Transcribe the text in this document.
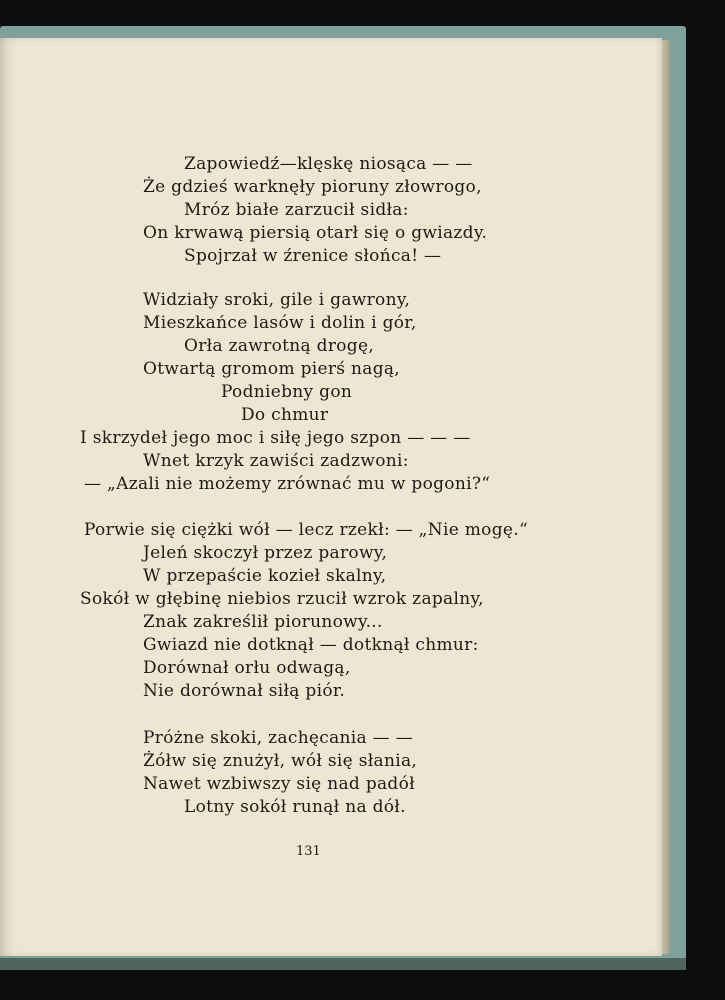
Zapowiedź—klęskę niosąca — —
Że gdzieś warknęły pioruny złowrogo,
Mróz białe zarzucił sidła:
On krwawą piersią otarł się o gwiazdy.
Spojrzał w źrenice słońca! —
Widziały sroki, gile i gawrony,
Mieszkańce lasów i dolin i gór,
Orła zawrotną drogę,
Otwartą gromom pierś nagą,
Podniebny gon
Do chmur
I skrzydeł jego moc i siłę jego szpon — — —
Wnet krzyk zawiści zadzwoni:
— „Azali nie możemy zrównać mu w pogoni?“
Porwie się ciężki wół — lecz rzekł: — „Nie mogę.“
Jeleń skoczył przez parowy,
W przepaście kozieł skalny,
Sokół w głębinę niebios rzucił wzrok zapalny,
Znak zakreślił piorunowy...
Gwiazd nie dotknął — dotknął chmur:
Dorównał orłu odwagą,
Nie dorównał siłą piór.
Próżne skoki, zachęcania — —
Żółw się znużył, wół się słania,
Nawet wzbiwszy się nad padół
Lotny sokół runął na dół.
131
